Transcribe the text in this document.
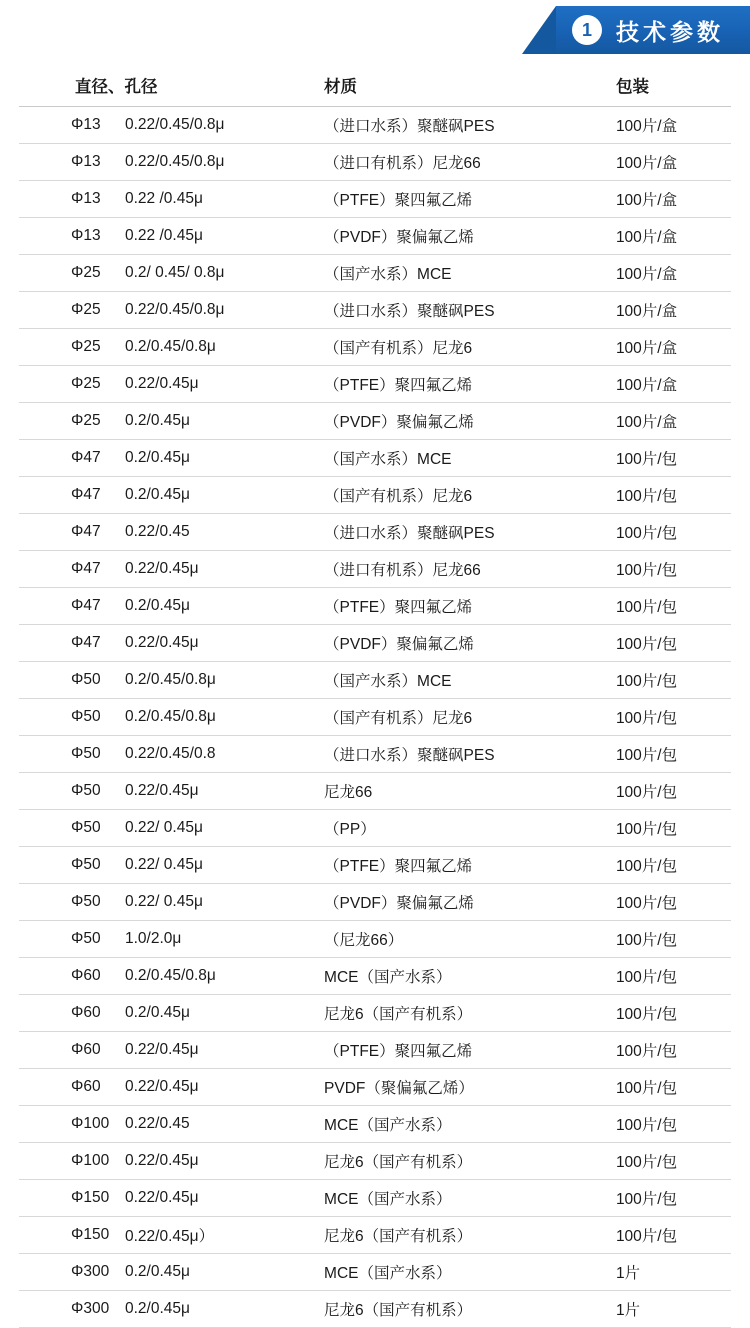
1	技术参数
直径、孔径	材质	包装

Φ13 0.22/0.45/0.8μ	（进口水系）聚醚砜PES	100片/盒

Φ13 0.22/0.45/0.8μ	（进口有机系）尼龙66	100片/盒

Φ13 0.22 /0.45μ	（PTFE）聚四氟乙烯	100片/盒

Φ13 0.22 /0.45μ	（PVDF）聚偏氟乙烯	100片/盒

Φ25 0.2/ 0.45/ 0.8μ	（国产水系）MCE	100片/盒

Φ25 0.22/0.45/0.8μ	（进口水系）聚醚砜PES	100片/盒

Φ25 0.2/0.45/0.8μ	（国产有机系）尼龙6	100片/盒

Φ25 0.22/0.45μ	（PTFE）聚四氟乙烯	100片/盒

Φ25 0.2/0.45μ	（PVDF）聚偏氟乙烯	100片/盒

Φ47 0.2/0.45μ	（国产水系）MCE	100片/包

Φ47 0.2/0.45μ	（国产有机系）尼龙6	100片/包

Φ47 0.22/0.45	（进口水系）聚醚砜PES	100片/包

Φ47 0.22/0.45μ	（进口有机系）尼龙66	100片/包

Φ47 0.2/0.45μ	（PTFE）聚四氟乙烯	100片/包

Φ47 0.22/0.45μ	（PVDF）聚偏氟乙烯	100片/包

Φ50 0.2/0.45/0.8μ	（国产水系）MCE	100片/包

Φ50 0.2/0.45/0.8μ	（国产有机系）尼龙6	100片/包

Φ50 0.22/0.45/0.8	（进口水系）聚醚砜PES	100片/包

Φ50 0.22/0.45μ	尼龙66	100片/包

Φ50 0.22/ 0.45μ	（PP）	100片/包

Φ50 0.22/ 0.45μ	（PTFE）聚四氟乙烯	100片/包

Φ50 0.22/ 0.45μ	（PVDF）聚偏氟乙烯	100片/包

Φ50 1.0/2.0μ	（尼龙66）	100片/包

Φ60 0.2/0.45/0.8μ	MCE（国产水系）	100片/包

Φ60 0.2/0.45μ	尼龙6（国产有机系）	100片/包

Φ60 0.22/0.45μ	（PTFE）聚四氟乙烯	100片/包

Φ60 0.22/0.45μ	PVDF（聚偏氟乙烯）	100片/包

Φ100 0.22/0.45	MCE（国产水系）	100片/包

Φ100 0.22/0.45μ	尼龙6（国产有机系）	100片/包

Φ150 0.22/0.45μ	MCE（国产水系）	100片/包

Φ150 0.22/0.45μ）	尼龙6（国产有机系）	100片/包

Φ300 0.2/0.45μ	MCE（国产水系）	1片

Φ300 0.2/0.45μ	尼龙6（国产有机系）	1片
